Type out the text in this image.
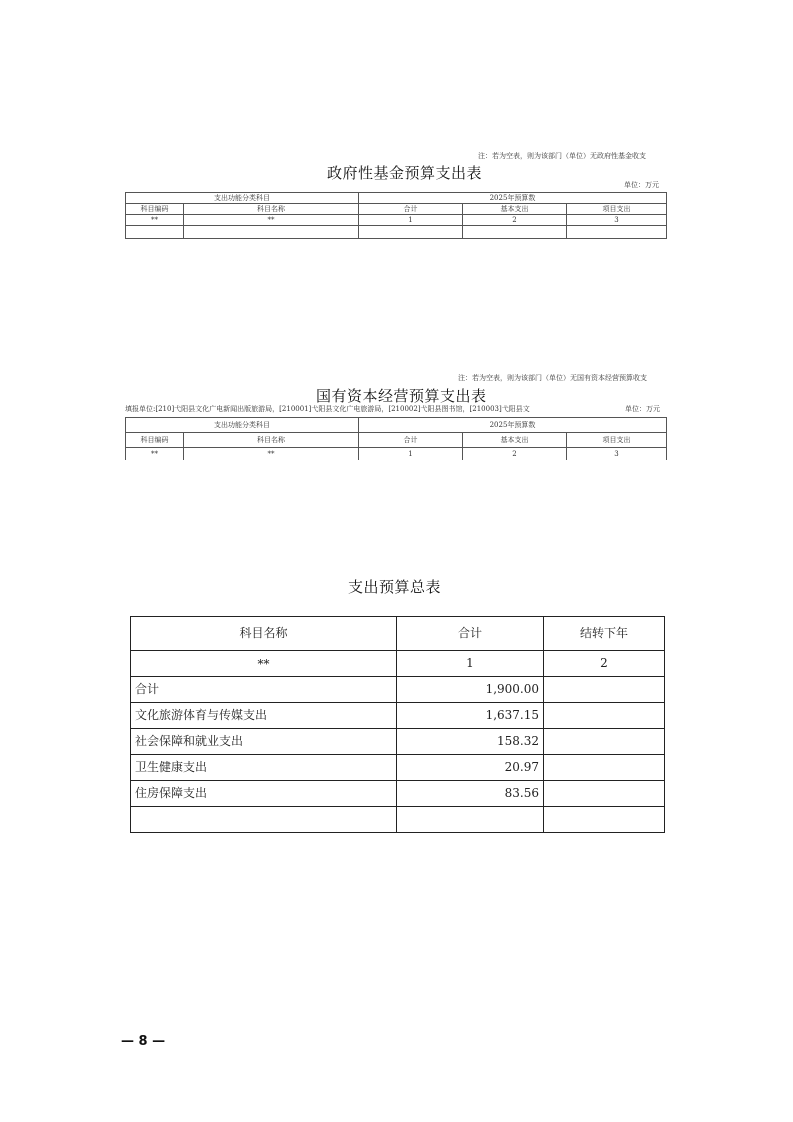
注：若为空表，则为该部门（单位）无政府性基金收支
政府性基金预算支出表
单位：万元
支出功能分类科目		2025年预算数		
科目编码	科目名称	合计	基本支出	项目支出
**	**	1	2	3

注：若为空表，则为该部门（单位）无国有资本经营预算收支
国有资本经营预算支出表
填报单位:[210]弋阳县文化广电新闻出版旅游局，[210001]弋阳县文化广电旅游局，[210002]弋阳县图书馆，[210003]弋阳县文	单位：万元
支出功能分类科目		2025年预算数		
科目编码	科目名称	合计	基本支出	项目支出
**	**	1	2	3
支出预算总表
科目名称	合计	结转下年
**	1	2
合计	1,900.00	
文化旅游体育与传媒支出	1,637.15	
社会保障和就业支出	158.32	
卫生健康支出	20.97	
住房保障支出	83.56	

— 8 —
